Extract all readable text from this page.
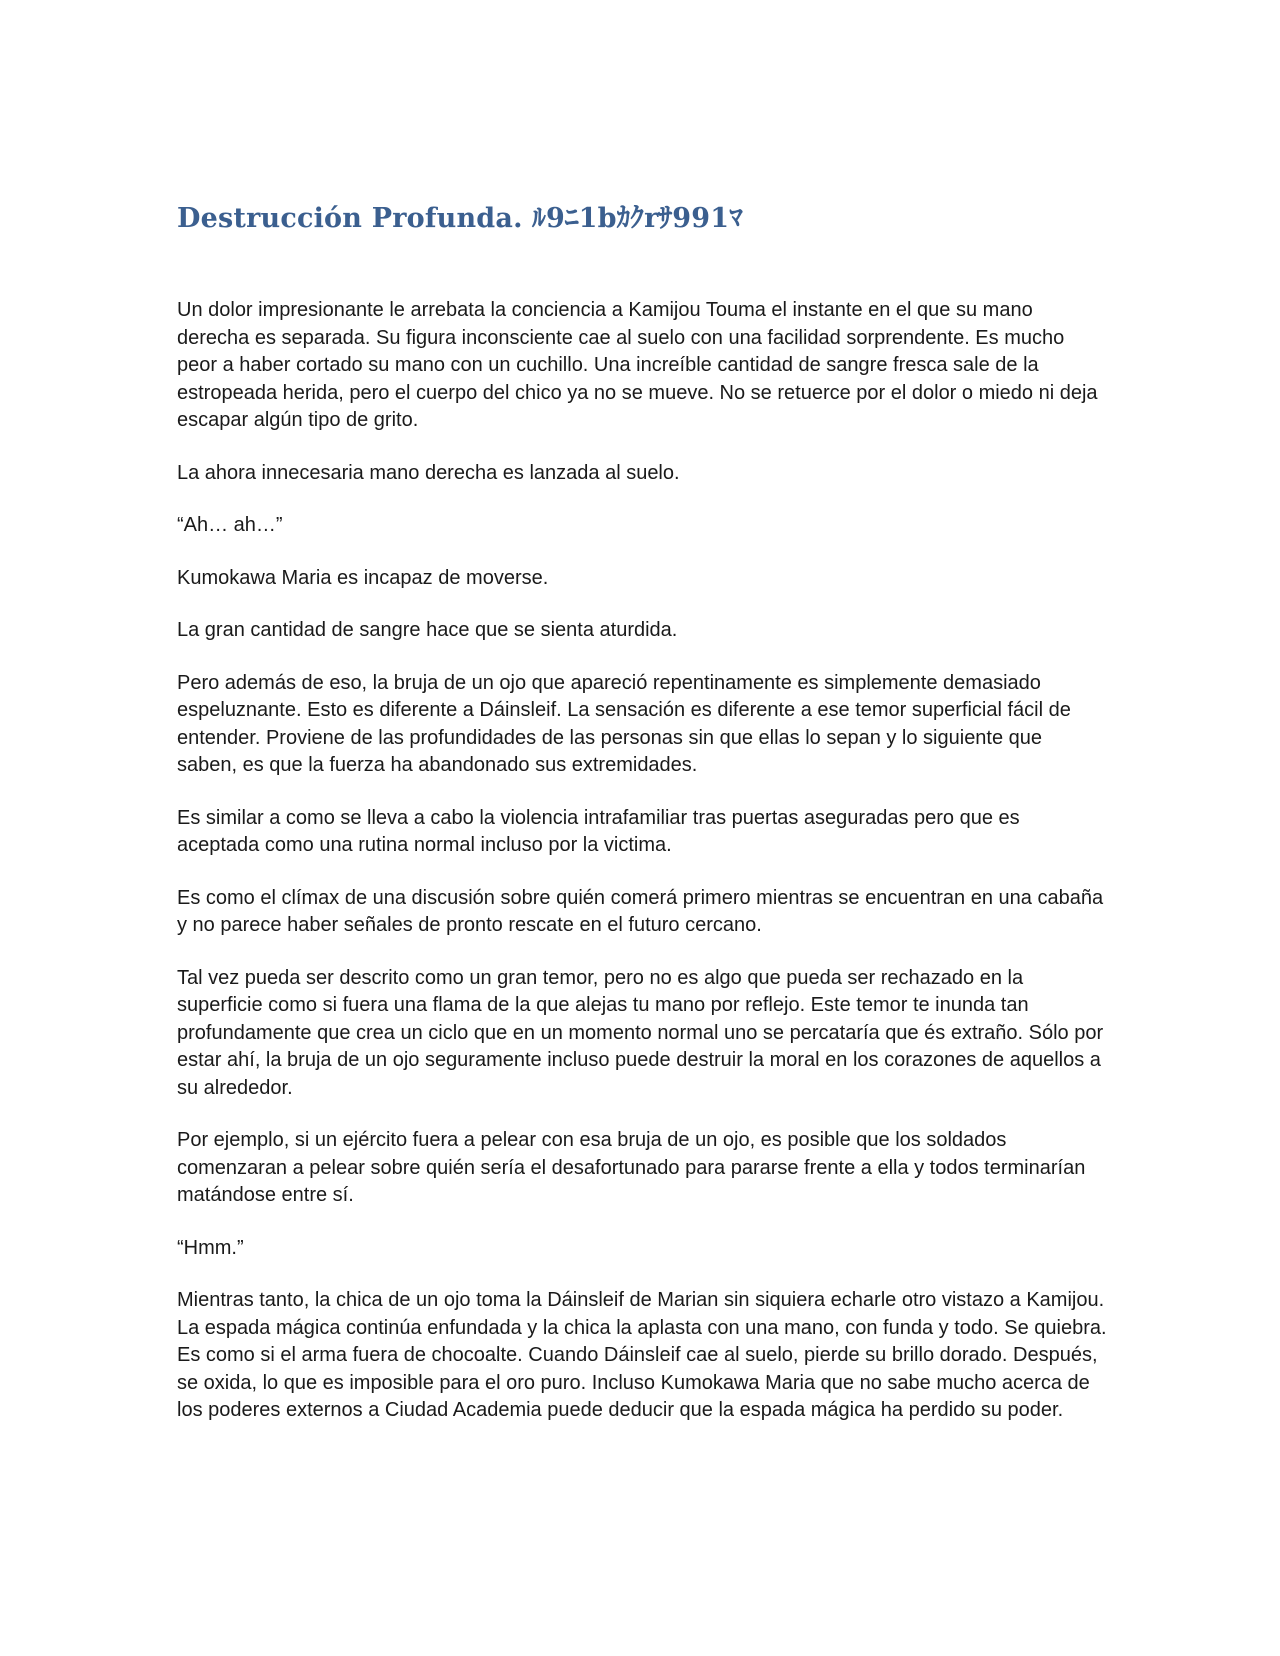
Destrucción Profunda. ﾙ9ﾆ1bｶｸrｻ991ﾏ

Un dolor impresionante le arrebata la conciencia a Kamijou Touma el instante en el que su mano derecha es separada. Su figura inconsciente cae al suelo con una facilidad sorprendente. Es mucho peor a haber cortado su mano con un cuchillo. Una increíble cantidad de sangre fresca sale de la estropeada herida, pero el cuerpo del chico ya no se mueve. No se retuerce por el dolor o miedo ni deja escapar algún tipo de grito.

La ahora innecesaria mano derecha es lanzada al suelo.

“Ah… ah…”

Kumokawa Maria es incapaz de moverse.

La gran cantidad de sangre hace que se sienta aturdida.

Pero además de eso, la bruja de un ojo que apareció repentinamente es simplemente demasiado espeluznante. Esto es diferente a Dáinsleif. La sensación es diferente a ese temor superficial fácil de entender. Proviene de las profundidades de las personas sin que ellas lo sepan y lo siguiente que saben, es que la fuerza ha abandonado sus extremidades.

Es similar a como se lleva a cabo la violencia intrafamiliar tras puertas aseguradas pero que es aceptada como una rutina normal incluso por la victima.

Es como el clímax de una discusión sobre quién comerá primero mientras se encuentran en una cabaña y no parece haber señales de pronto rescate en el futuro cercano.

Tal vez pueda ser descrito como un gran temor, pero no es algo que pueda ser rechazado en la superficie como si fuera una flama de la que alejas tu mano por reflejo. Este temor te inunda tan profundamente que crea un ciclo que en un momento normal uno se percataría que és extraño. Sólo por estar ahí, la bruja de un ojo seguramente incluso puede destruir la moral en los corazones de aquellos a su alrededor.

Por ejemplo, si un ejército fuera a pelear con esa bruja de un ojo, es posible que los soldados comenzaran a pelear sobre quién sería el desafortunado para pararse frente a ella y todos terminarían matándose entre sí.

“Hmm.”

Mientras tanto, la chica de un ojo toma la Dáinsleif de Marian sin siquiera echarle otro vistazo a Kamijou. La espada mágica continúa enfundada y la chica la aplasta con una mano, con funda y todo. Se quiebra. Es como si el arma fuera de chocoalte. Cuando Dáinsleif cae al suelo, pierde su brillo dorado. Después, se oxida, lo que es imposible para el oro puro. Incluso Kumokawa Maria que no sabe mucho acerca de los poderes externos a Ciudad Academia puede deducir que la espada mágica ha perdido su poder.
